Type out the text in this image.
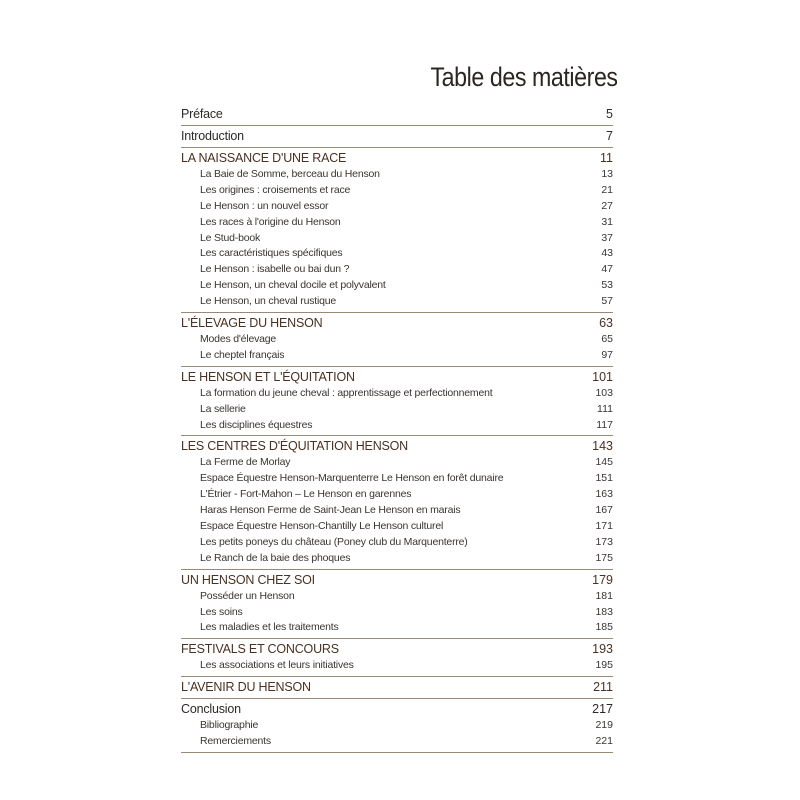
Table des matières
Préface	5
Introduction	7
LA NAISSANCE D'UNE RACE	11
La Baie de Somme, berceau du Henson	13
Les origines : croisements et race	21
Le Henson : un nouvel essor	27
Les races à l'origine du Henson	31
Le Stud-book	37
Les caractéristiques spécifiques	43
Le Henson : isabelle ou bai dun ?	47
Le Henson, un cheval docile et polyvalent	53
Le Henson, un cheval rustique	57
L'ÉLEVAGE DU HENSON	63
Modes d'élevage	65
Le cheptel français	97
LE HENSON ET L'ÉQUITATION	101
La formation du jeune cheval : apprentissage et perfectionnement	103
La sellerie	111
Les disciplines équestres	117
LES CENTRES D'ÉQUITATION HENSON	143
La Ferme de Morlay	145
Espace Équestre Henson-Marquenterre Le Henson en forêt dunaire	151
L'Étrier - Fort-Mahon – Le Henson en garennes	163
Haras Henson Ferme de Saint-Jean Le Henson en marais	167
Espace Équestre Henson-Chantilly Le Henson culturel	171
Les petits poneys du château (Poney club du Marquenterre)	173
Le Ranch de la baie des phoques	175
UN HENSON CHEZ SOI	179
Posséder un Henson	181
Les soins	183
Les maladies et les traitements	185
FESTIVALS ET CONCOURS	193
Les associations et leurs initiatives	195
L'AVENIR DU HENSON	211
Conclusion	217
Bibliographie	219
Remerciements	221
